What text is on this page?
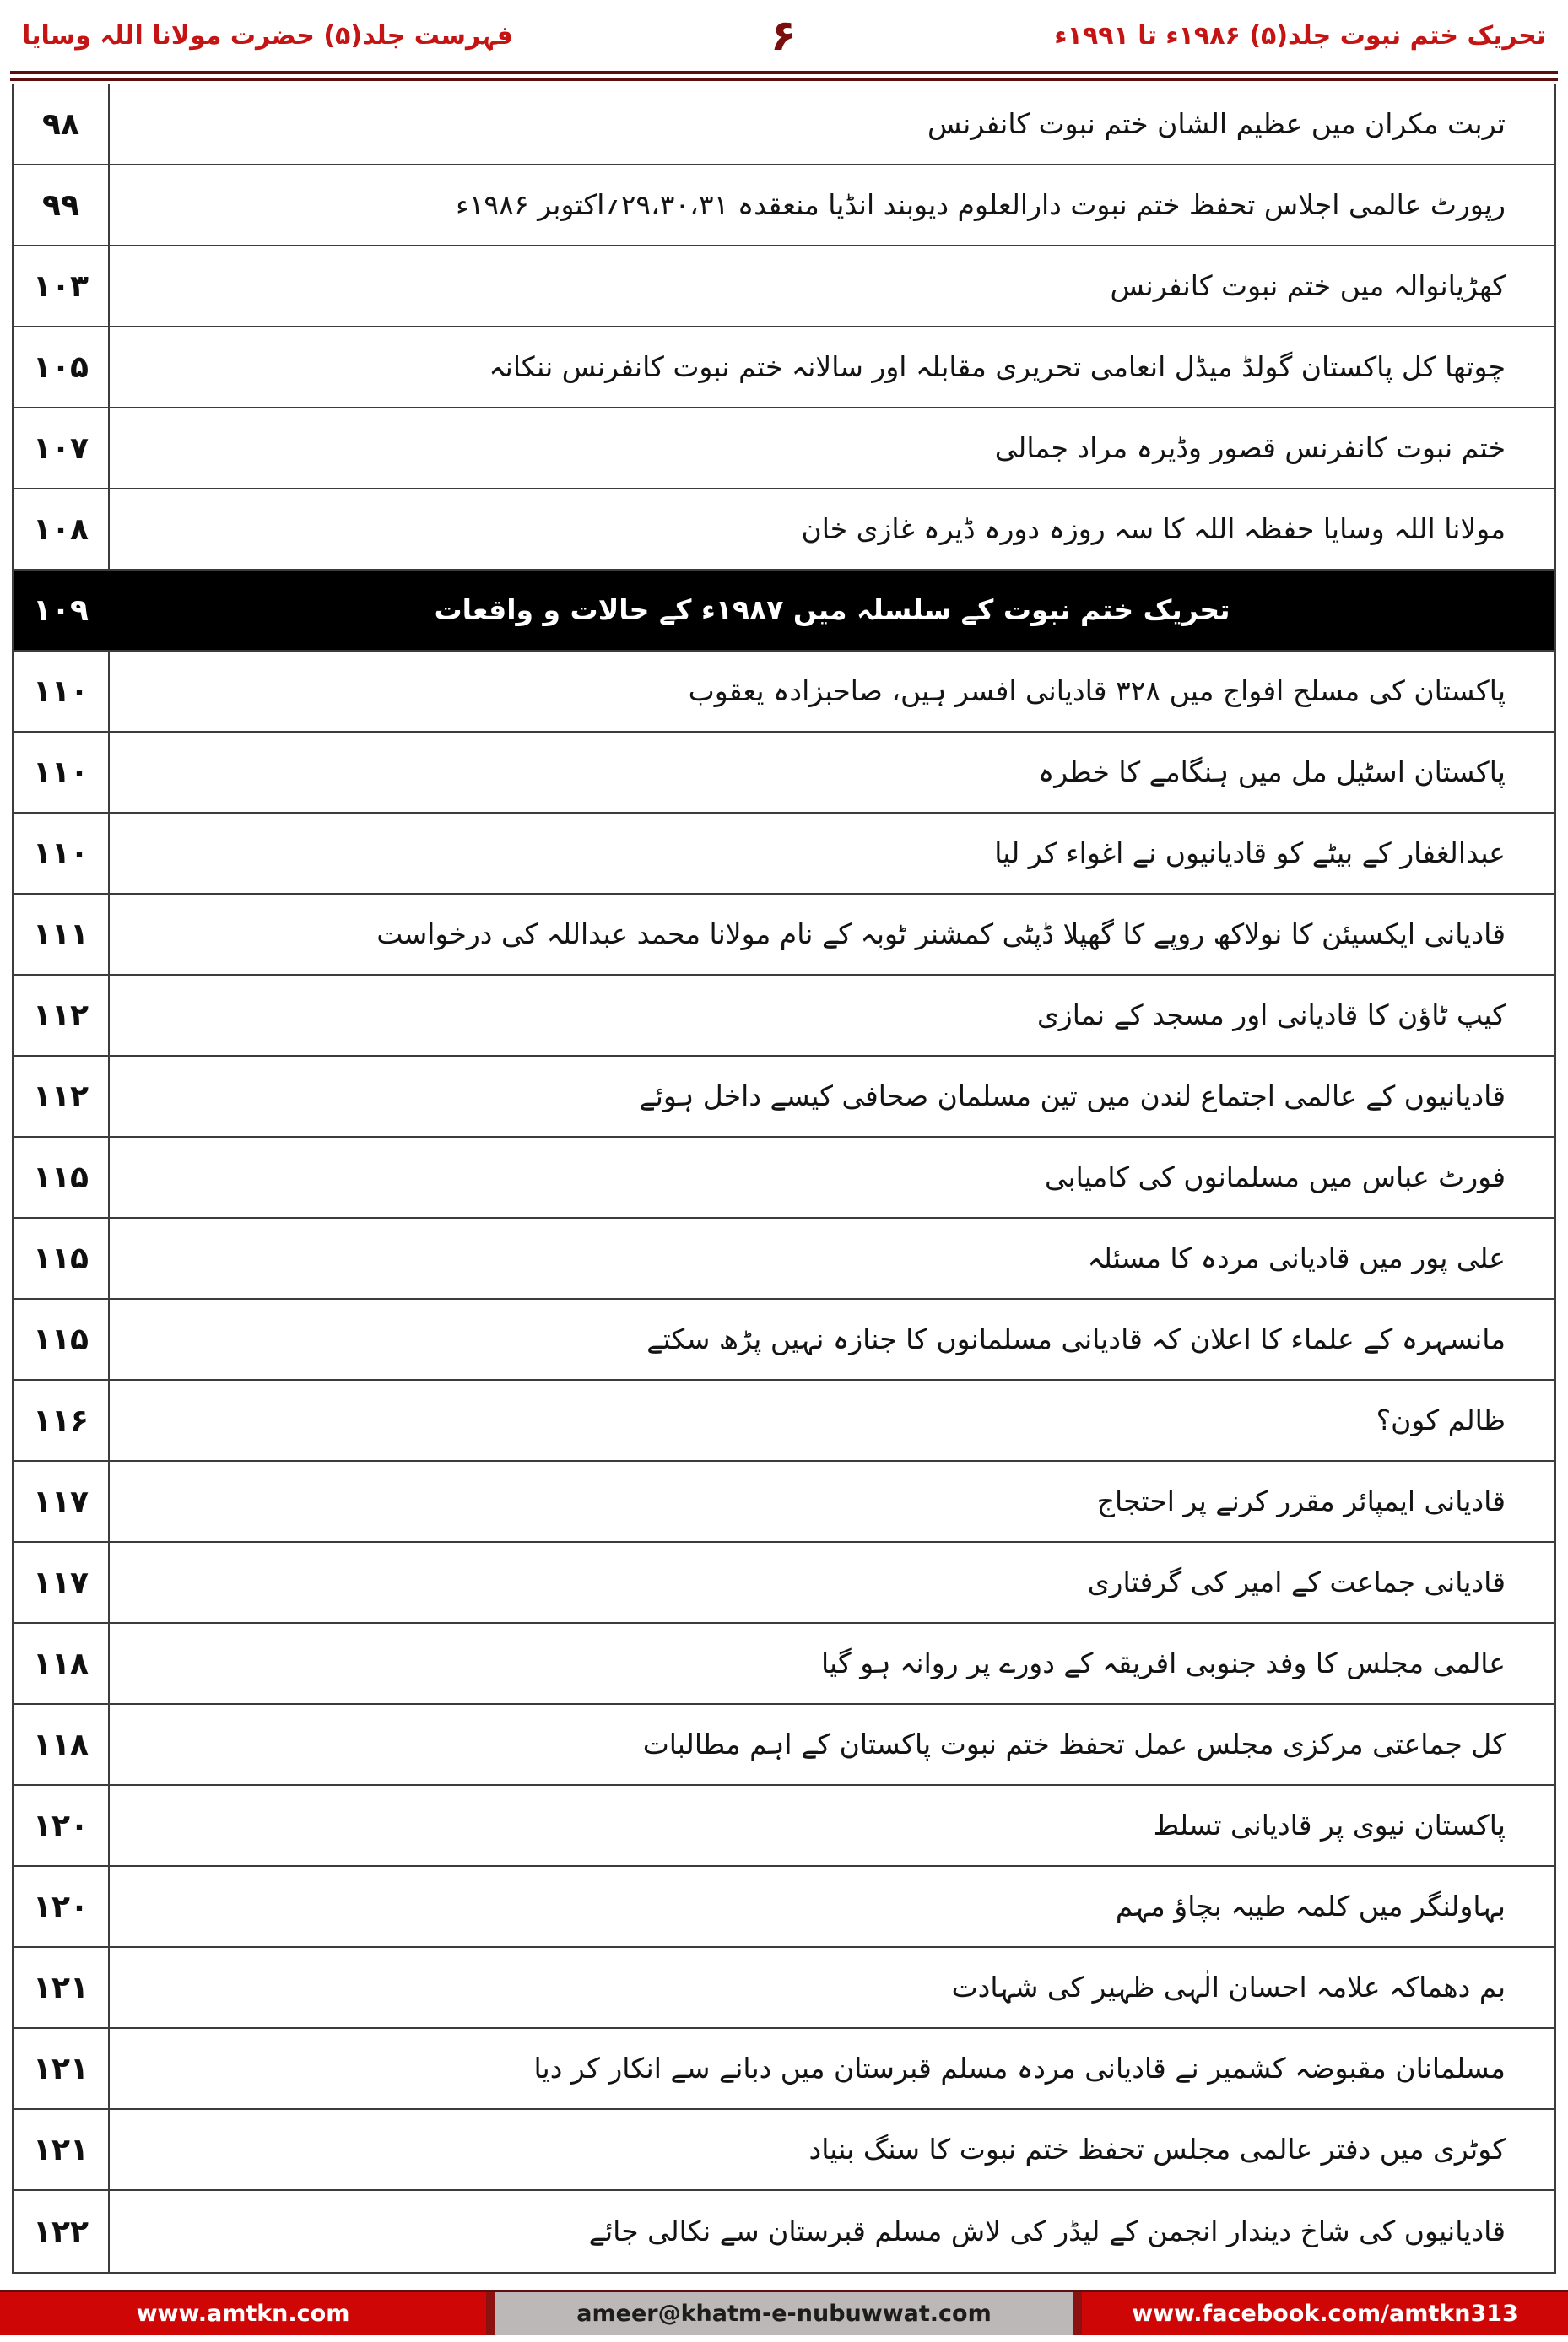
فہرست جلد(۵) حضرت مولانا اللہ وسایا	۶	تحریک ختم نبوت جلد(۵) ۱۹۸۶ء تا ۱۹۹۱ء
۹۸	تربت مکران میں عظیم الشان ختم نبوت کانفرنس
۹۹	رپورٹ عالمی اجلاس تحفظ ختم نبوت دارالعلوم دیوبند انڈیا منعقدہ ۲۹،۳۰،۳۱؍اکتوبر ۱۹۸۶ء
۱۰۳	کھڑیانوالہ میں ختم نبوت کانفرنس
۱۰۵	چوتھا کل پاکستان گولڈ میڈل انعامی تحریری مقابلہ اور سالانہ ختم نبوت کانفرنس ننکانہ
۱۰۷	ختم نبوت کانفرنس قصور وڈیرہ مراد جمالی
۱۰۸	مولانا اللہ وسایا حفظہ اللہ کا سہ روزہ دورہ ڈیرہ غازی خان
۱۰۹	تحریک ختم نبوت کے سلسلہ میں ۱۹۸۷ء کے حالات و واقعات
۱۱۰	پاکستان کی مسلح افواج میں ۳۲۸ قادیانی افسر ہیں، صاحبزادہ یعقوب
۱۱۰	پاکستان اسٹیل مل میں ہنگامے کا خطرہ
۱۱۰	عبدالغفار کے بیٹے کو قادیانیوں نے اغواء کر لیا
۱۱۱	قادیانی ایکسیئن کا نولاکھ روپے کا گھپلا ڈپٹی کمشنر ٹوبہ کے نام مولانا محمد عبداللہ کی درخواست
۱۱۲	کیپ ٹاؤن کا قادیانی اور مسجد کے نمازی
۱۱۲	قادیانیوں کے عالمی اجتماع لندن میں تین مسلمان صحافی کیسے داخل ہوئے
۱۱۵	فورٹ عباس میں مسلمانوں کی کامیابی
۱۱۵	علی پور میں قادیانی مردہ کا مسئلہ
۱۱۵	مانسہرہ کے علماء کا اعلان کہ قادیانی مسلمانوں کا جنازہ نہیں پڑھ سکتے
۱۱۶	ظالم کون؟
۱۱۷	قادیانی ایمپائر مقرر کرنے پر احتجاج
۱۱۷	قادیانی جماعت کے امیر کی گرفتاری
۱۱۸	عالمی مجلس کا وفد جنوبی افریقہ کے دورے پر روانہ ہو گیا
۱۱۸	کل جماعتی مرکزی مجلس عمل تحفظ ختم نبوت پاکستان کے اہم مطالبات
۱۲۰	پاکستان نیوی پر قادیانی تسلط
۱۲۰	بہاولنگر میں کلمہ طیبہ بچاؤ مہم
۱۲۱	بم دھماکہ علامہ احسان الٰہی ظہیر کی شہادت
۱۲۱	مسلمانان مقبوضہ کشمیر نے قادیانی مردہ مسلم قبرستان میں دبانے سے انکار کر دیا
۱۲۱	کوٹری میں دفتر عالمی مجلس تحفظ ختم نبوت کا سنگ بنیاد
۱۲۲	قادیانیوں کی شاخ دیندار انجمن کے لیڈر کی لاش مسلم قبرستان سے نکالی جائے
www.amtkn.com	ameer@khatm-e-nubuwwat.com	www.facebook.com/amtkn313
